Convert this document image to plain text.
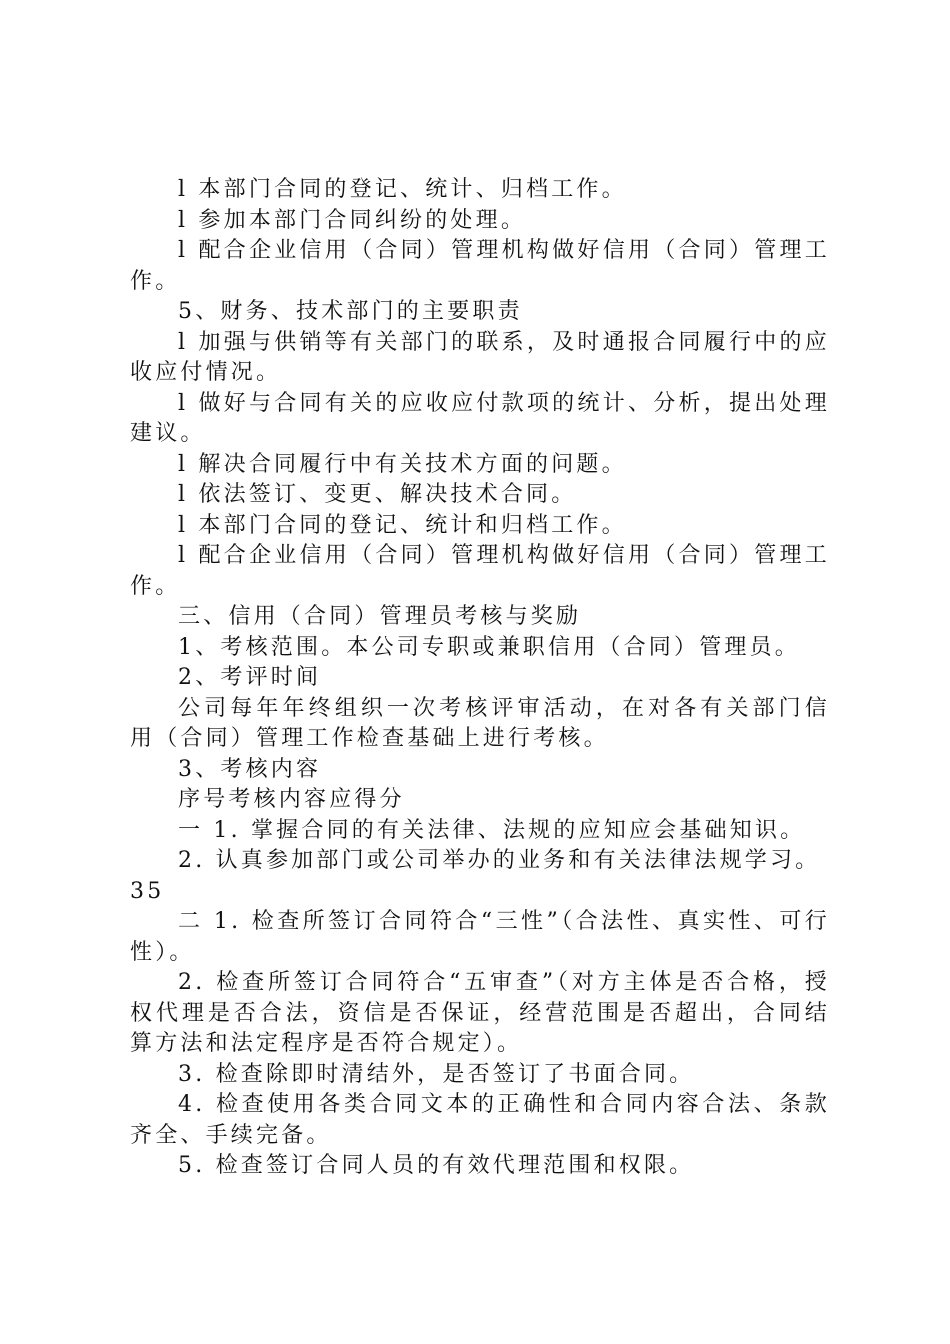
l 本部门合同的登记、统计、归档工作。

l 参加本部门合同纠纷的处理。

l 配合企业信用（合同）管理机构做好信用（合同）管理工作。

5、财务、技术部门的主要职责

l 加强与供销等有关部门的联系，及时通报合同履行中的应收应付情况。

l 做好与合同有关的应收应付款项的统计、分析，提出处理建议。

l 解决合同履行中有关技术方面的问题。

l 依法签订、变更、解决技术合同。

l 本部门合同的登记、统计和归档工作。

l 配合企业信用（合同）管理机构做好信用（合同）管理工作。

三、信用（合同）管理员考核与奖励

1、考核范围。本公司专职或兼职信用（合同）管理员。

2、考评时间

公司每年年终组织一次考核评审活动，在对各有关部门信用（合同）管理工作检查基础上进行考核。

3、考核内容

序号考核内容应得分

一 1. 掌握合同的有关法律、法规的应知应会基础知识。

2. 认真参加部门或公司举办的业务和有关法律法规学习。

35

二 1. 检查所签订合同符合“三性”（合法性、真实性、可行性）。

2. 检查所签订合同符合“五审查”（对方主体是否合格，授权代理是否合法，资信是否保证，经营范围是否超出，合同结算方法和法定程序是否符合规定）。

3. 检查除即时清结外，是否签订了书面合同。

4. 检查使用各类合同文本的正确性和合同内容合法、条款齐全、手续完备。

5. 检查签订合同人员的有效代理范围和权限。
